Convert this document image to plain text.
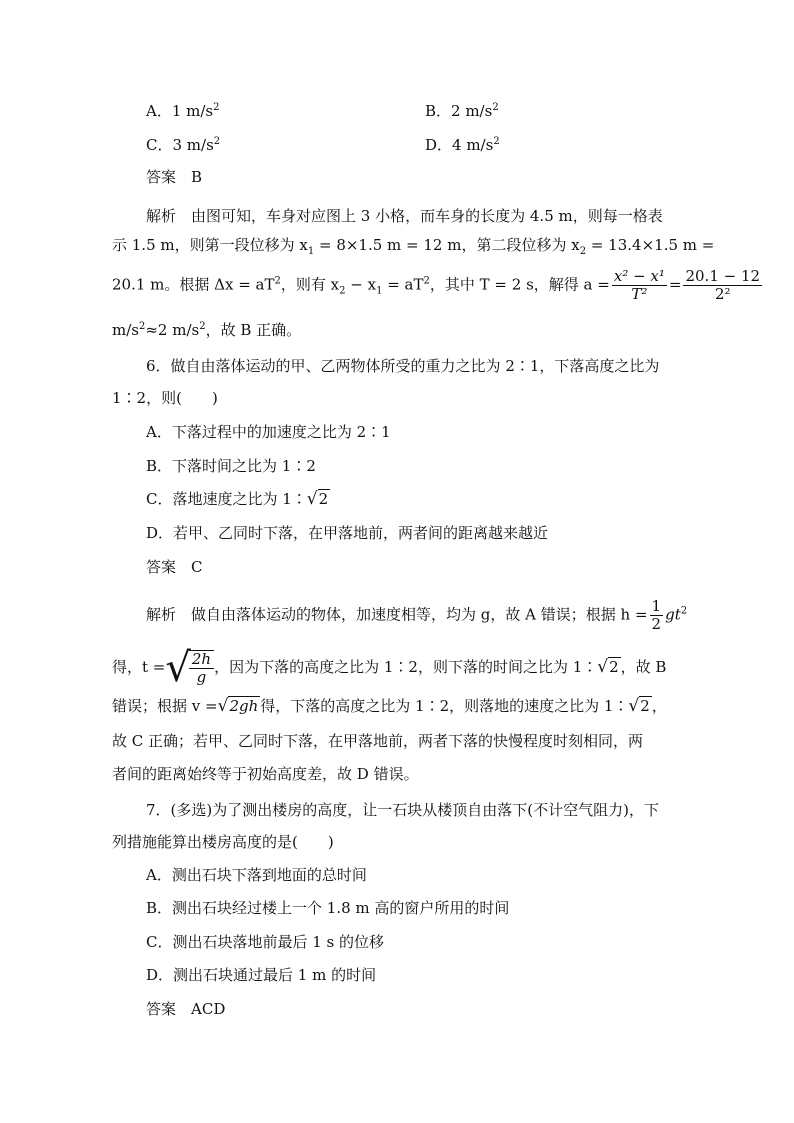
A．1 $m/s^2$	B．2 $m/s^2$
C．3 $m/s^2$	D．4 $m/s^2$
答案　 B
解析　 由图可知，车身对应图上 3 小格，而车身的长度为 4.5 m，则每一格表
示 1.5 m，则第一段位移为 $x_1 = 8\times 1.5$ m = 12 m，第二段位移为 $x_2 = 13.4\times 1.5$ m =
20.1 m。根据 $\Delta x = aT^2$，则有 $x_2 - x_1 = aT^2$，其中 T = 2 s，解得 $a = \frac{\text{x² − x¹}}{\text{T²}} = \frac{20.1 - 12}{\text{2²}}$
$m/s^2\approx 2$ $m/s^2$，故 B 正确。
6．做自由落体运动的甲、乙两物体所受的重力之比为 2∶1，下落高度之比为
1∶2，则(　　)
A．下落过程中的加速度之比为 2∶1
B．下落时间之比为 1∶2
C．落地速度之比为 1∶√2
D．若甲、乙同时下落，在甲落地前，两者间的距离越来越近
答案　 C
解析　 做自由落体运动的物体，加速度相等，均为 g，故 A 错误；根据 $h = \frac{1}{2} gt^2$
得，t =√
$\frac{2h}{g}$ ，因为下落的高度之比为 1∶2，则下落的时间之比为 1∶√2 ，故 B
错误；根据 v =√2gh 得，下落的高度之比为 1∶2，则落地的速度之比为 1∶√2 ，
故 C 正确；若甲、乙同时下落，在甲落地前，两者下落的快慢程度时刻相同，两
者间的距离始终等于初始高度差，故 D 错误。
7．(多选)为了测出楼房的高度，让一石块从楼顶自由落下(不计空气阻力)，下
列措施能算出楼房高度的是(　　)
A．测出石块下落到地面的总时间
B．测出石块经过楼上一个 1.8 m 高的窗户所用的时间
C．测出石块落地前最后 1 s 的位移
D．测出石块通过最后 1 m 的时间
答案　 ACD
